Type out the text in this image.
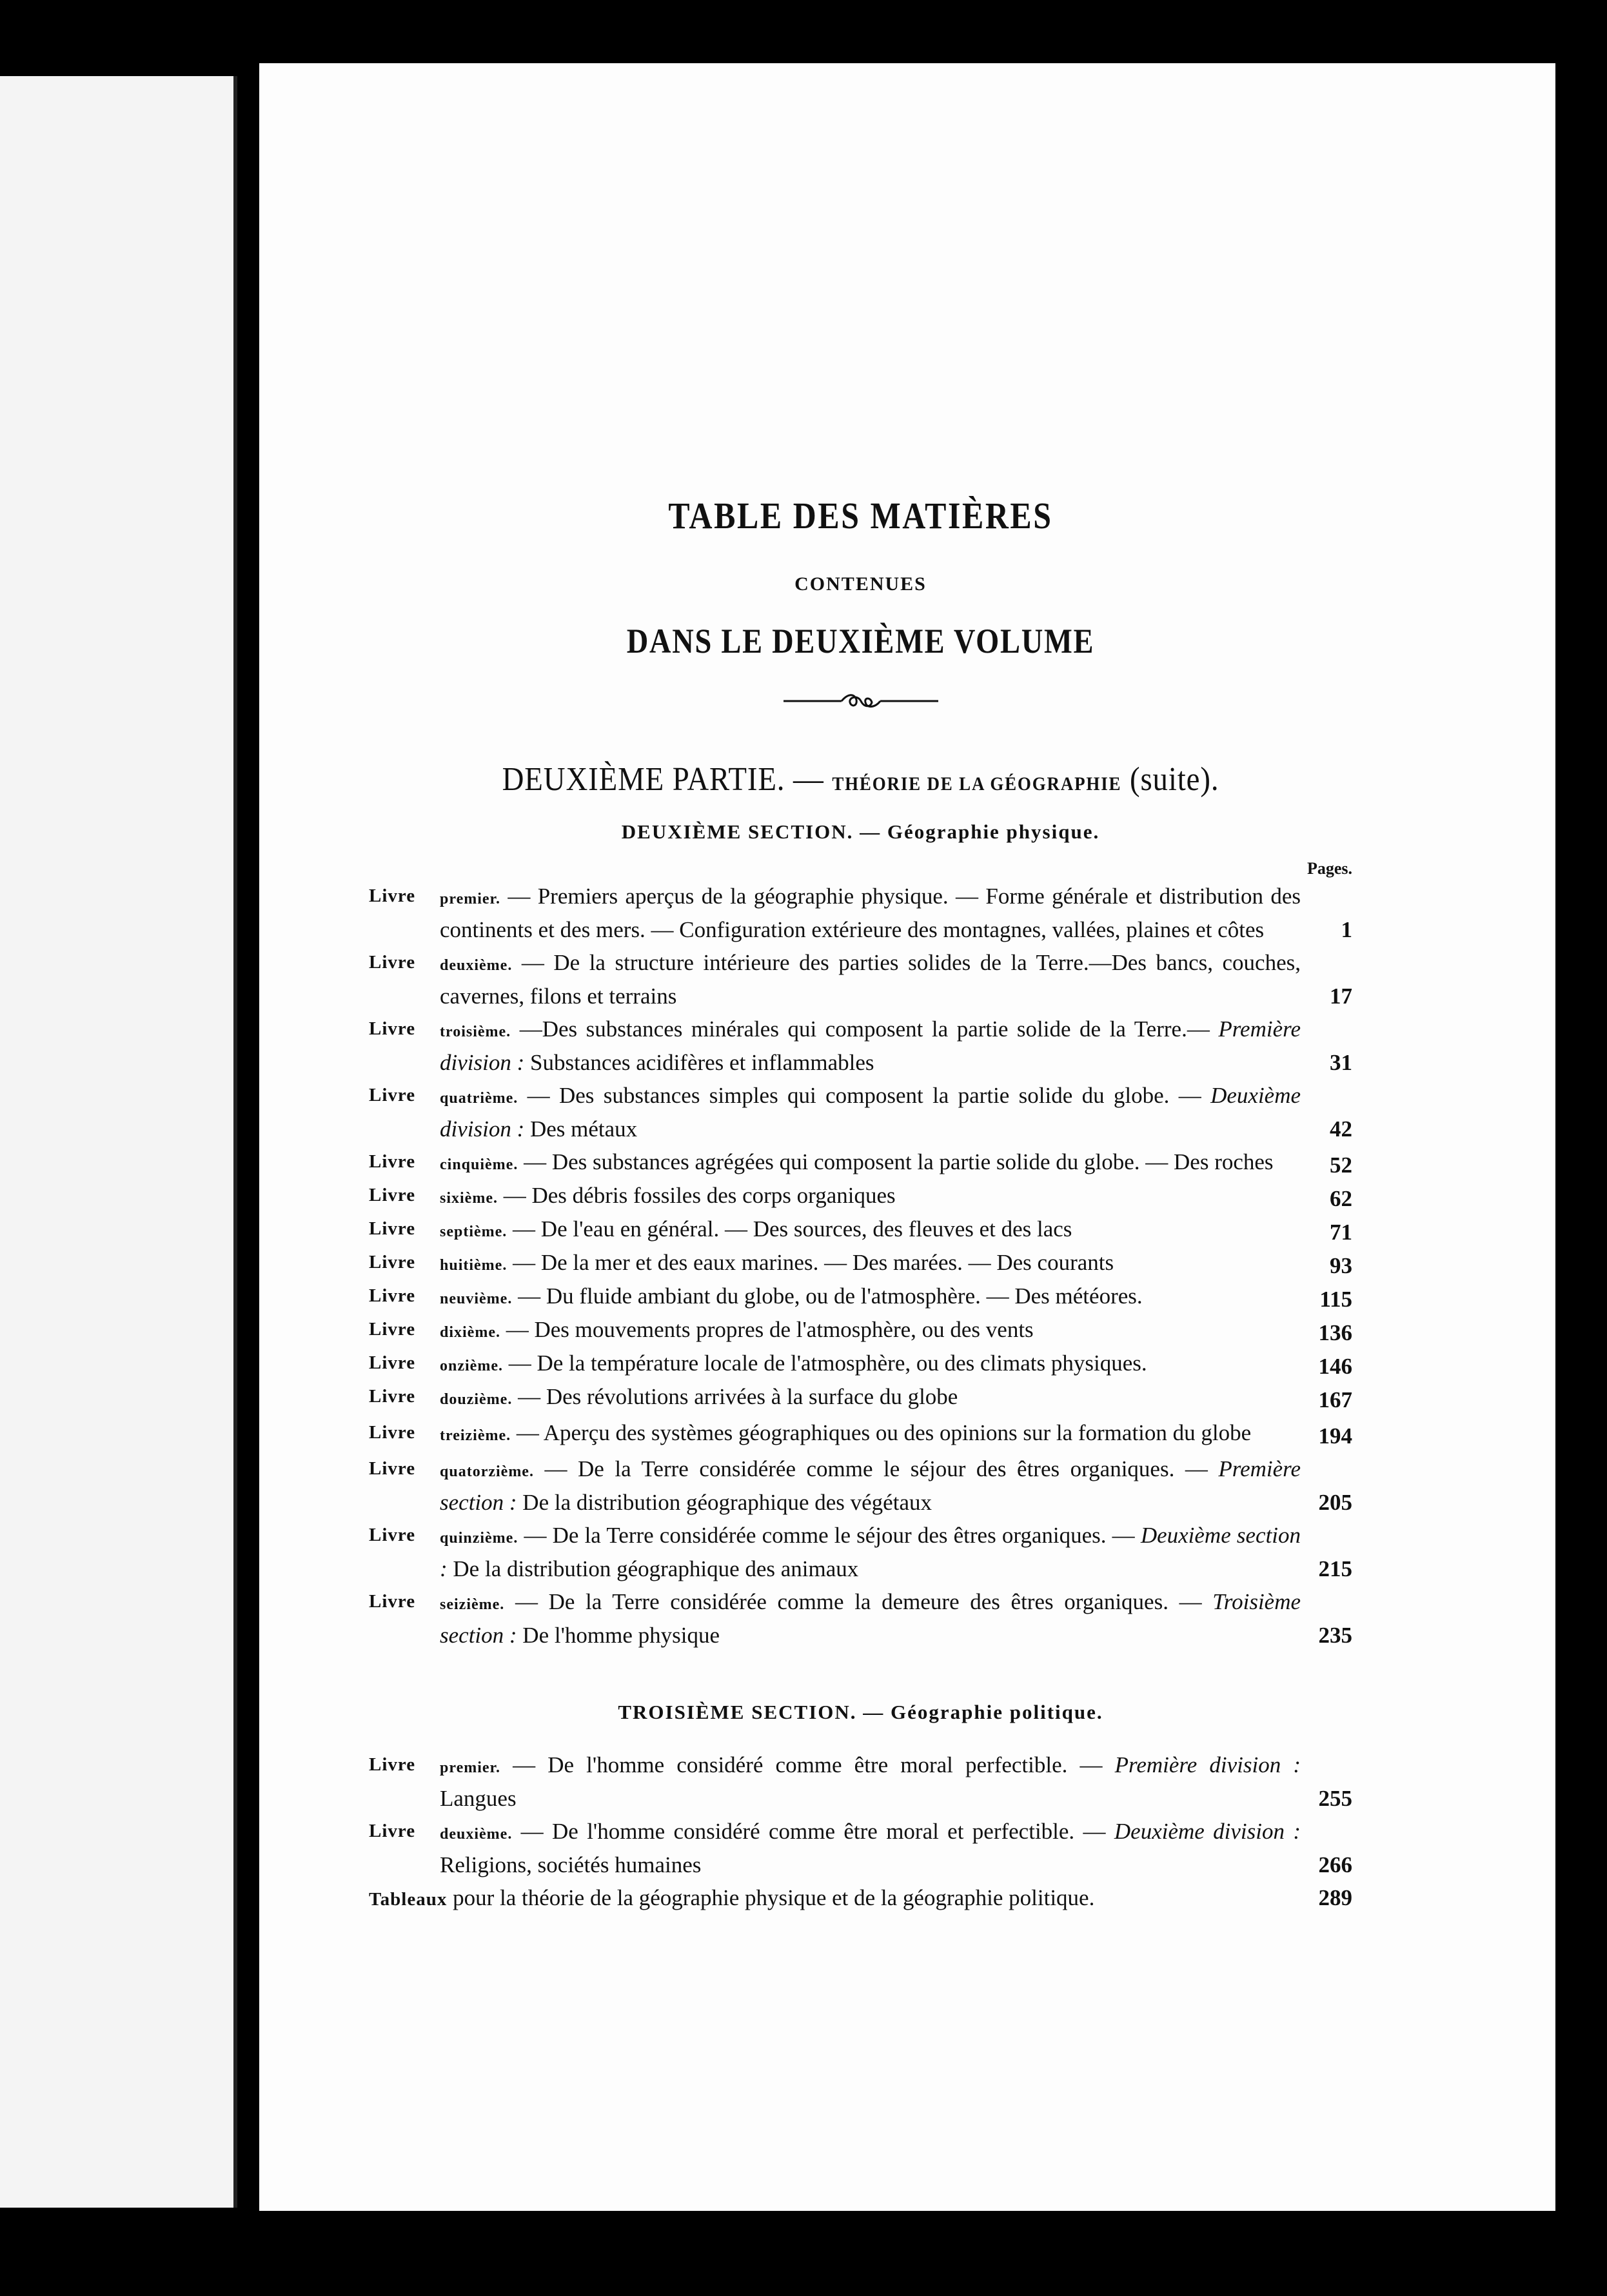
TABLE DES MATIÈRES
CONTENUES
DANS LE DEUXIÈME VOLUME
DEUXIÈME PARTIE. — THÉORIE DE LA GÉOGRAPHIE (suite).
DEUXIÈME SECTION. — Géographie physique.
Pages.
Livre premier. — Premiers aperçus de la géographie physique. — Forme générale et distribution des continents et des mers. — Configuration extérieure des montagnes, vallées, plaines et côtes	1
Livre deuxième. — De la structure intérieure des parties solides de la Terre.—Des bancs, couches, cavernes, filons et terrains	17
Livre troisième. —Des substances minérales qui composent la partie solide de la Terre.— Première division : Substances acidifères et inflammables	31
Livre quatrième. — Des substances simples qui composent la partie solide du globe. — Deuxième division : Des métaux	42
Livre cinquième. — Des substances agrégées qui composent la partie solide du globe. — Des roches	52
Livre sixième. — Des débris fossiles des corps organiques	62
Livre septième. — De l'eau en général. — Des sources, des fleuves et des lacs	71
Livre huitième. — De la mer et des eaux marines. — Des marées. — Des courants	93
Livre neuvième. — Du fluide ambiant du globe, ou de l'atmosphère. — Des météores.	115
Livre dixième. — Des mouvements propres de l'atmosphère, ou des vents	136
Livre onzième. — De la température locale de l'atmosphère, ou des climats physiques.	146
Livre douzième. — Des révolutions arrivées à la surface du globe	167
Livre treizième. — Aperçu des systèmes géographiques ou des opinions sur la formation du globe	194
Livre quatorzième. — De la Terre considérée comme le séjour des êtres organiques. — Première section : De la distribution géographique des végétaux	205
Livre quinzième. — De la Terre considérée comme le séjour des êtres organiques. — Deuxième section : De la distribution géographique des animaux	215
Livre seizième. — De la Terre considérée comme la demeure des êtres organiques. — Troisième section : De l'homme physique	235
TROISIÈME SECTION. — Géographie politique.
Livre premier. — De l'homme considéré comme être moral perfectible. — Première division : Langues	255
Livre deuxième. — De l'homme considéré comme être moral et perfectible. — Deuxième division : Religions, sociétés humaines	266
Tableaux pour la théorie de la géographie physique et de la géographie politique.	289
